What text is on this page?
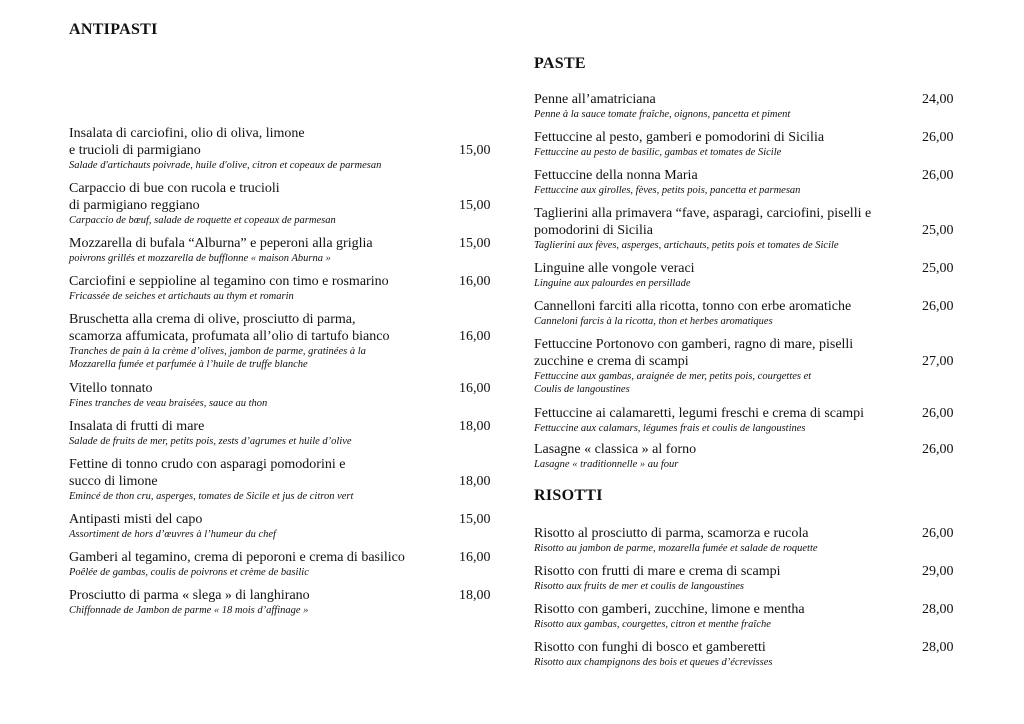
ANTIPASTI
Insalata di carciofini, olio di oliva, limone
e trucioli di parmigiano
Salade d'artichauts poivrade, huile d'olive, citron et copeaux de parmesan
15,00
Carpaccio di bue con rucola e trucioli
di parmigiano reggiano
Carpaccio de bœuf, salade de roquette et copeaux de parmesan
15,00
Mozzarella di bufala “Alburna” e peperoni alla griglia
poivrons grillés et mozzarella de bufflonne « maison Aburna »
15,00
Carciofini e seppioline al tegamino con timo e rosmarino
Fricassée de seiches et artichauts au thym et romarin
16,00
Bruschetta alla crema di olive, prosciutto di parma,
scamorza affumicata, profumata all’olio di tartufo bianco
Tranches de pain à la crème d’olives, jambon de parme, gratinées à la
Mozzarella fumée et parfumée à l’huile de truffe blanche
16,00
Vitello tonnato
Fines tranches de veau braisées, sauce au thon
16,00
Insalata di frutti di mare
Salade de fruits de mer, petits pois, zests d’agrumes et huile d’olive
18,00
Fettine di tonno crudo con asparagi pomodorini e
succo di limone
Emincé de thon cru, asperges, tomates de Sicile et jus de citron vert
18,00
Antipasti misti del capo
Assortiment de hors d’œuvres à l’humeur du chef
15,00
Gamberi al tegamino, crema di peporoni e crema di basilico
Poêlée de gambas, coulis de poivrons et crème de basilic
16,00
Prosciutto di parma « slega » di langhirano
Chiffonnade de Jambon de parme « 18 mois d’affinage »
18,00
PASTE
Penne all’amatriciana
Penne à la sauce tomate fraîche, oignons, pancetta et piment
24,00
Fettuccine al pesto, gamberi e pomodorini di Sicilia
Fettuccine au pesto de basilic, gambas et tomates de Sicile
26,00
Fettuccine della nonna Maria
Fettuccine aux girolles, fèves, petits pois, pancetta et parmesan
26,00
Taglierini alla primavera “fave, asparagi, carciofini, piselli e
pomodorini di Sicilia
Taglierini aux fèves, asperges, artichauts, petits pois et tomates de Sicile
25,00
Linguine alle vongole veraci
Linguine aux palourdes en persillade
25,00
Cannelloni farciti alla ricotta, tonno con erbe aromatiche
Canneloni farcis à la ricotta, thon et herbes aromatiques
26,00
Fettuccine Portonovo con gamberi, ragno di mare, piselli
zucchine e crema di scampi
Fettuccine aux gambas, araignée de mer, petits pois, courgettes et
Coulis de langoustines
27,00
Fettuccine ai calamaretti, legumi freschi e crema di scampi
Fettuccine aux calamars, légumes frais et coulis de langoustines
26,00
Lasagne « classica » al forno
Lasagne « traditionnelle » au four
26,00
RISOTTI
Risotto al prosciutto di parma, scamorza e rucola
Risotto au jambon de parme, mozarella fumée et salade de roquette
26,00
Risotto con frutti di mare e crema di scampi
Risotto aux fruits de mer et coulis de langoustines
29,00
Risotto con gamberi, zucchine, limone e mentha
Risotto aux gambas, courgettes, citron et menthe fraîche
28,00
Risotto con funghi di bosco et gamberetti
Risotto aux champignons des bois et queues d’écrevisses
28,00
